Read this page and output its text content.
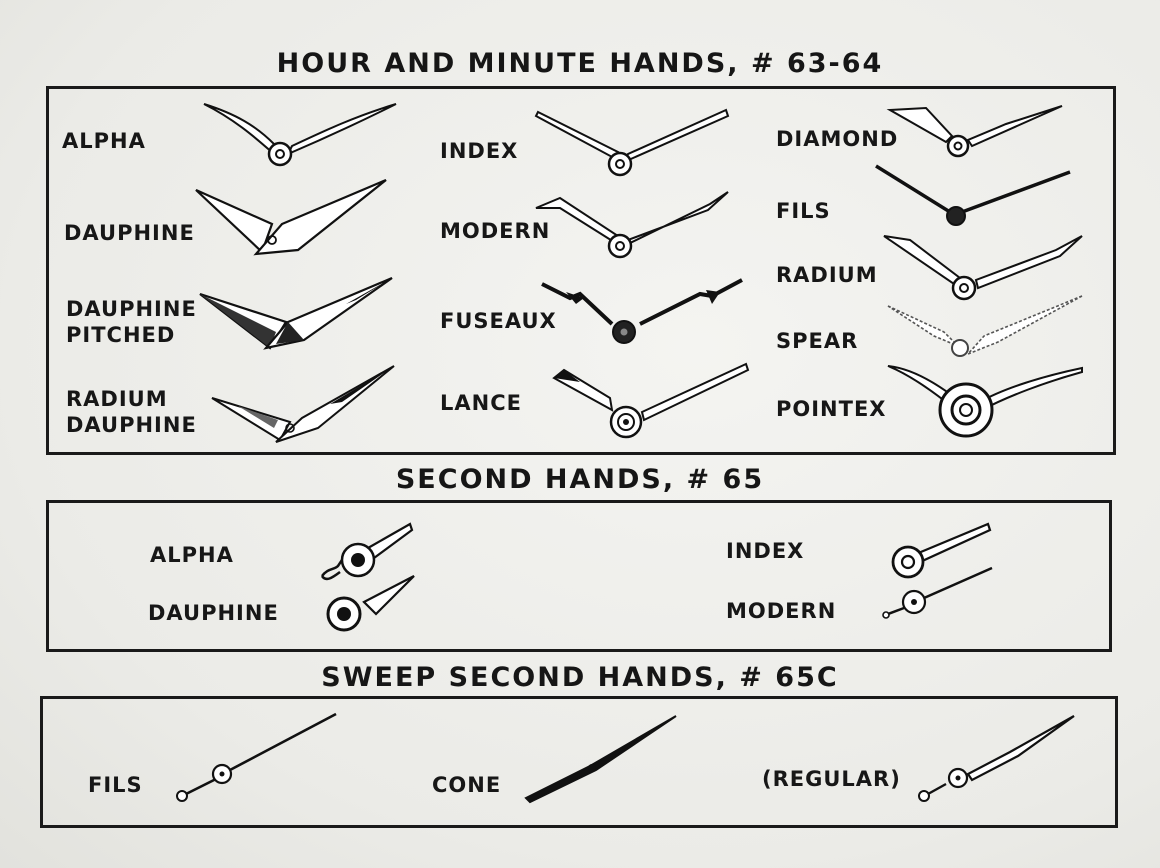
HOUR AND MINUTE HANDS, # 63-64
ALPHA
DAUPHINE
DAUPHINE
PITCHED
RADIUM
DAUPHINE
INDEX
MODERN
FUSEAUX
LANCE
DIAMOND
FILS
RADIUM
SPEAR
POINTEX
SECOND HANDS, # 65
ALPHA
DAUPHINE
INDEX
MODERN
SWEEP SECOND HANDS, # 65C
FILS	CONE	(REGULAR)
